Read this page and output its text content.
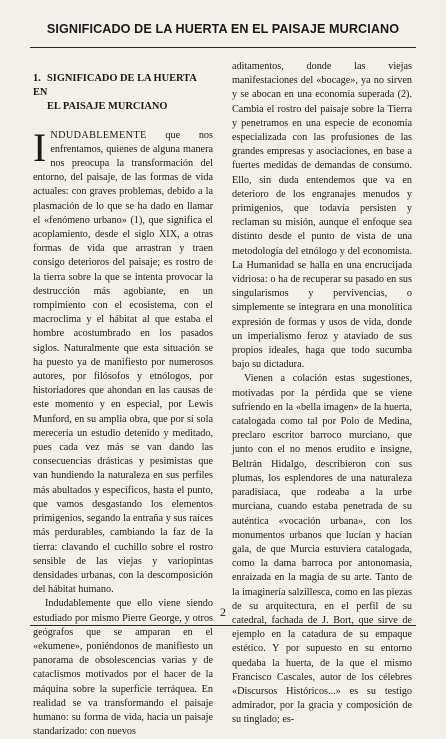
SIGNIFICADO DE LA HUERTA EN EL PAISAJE MURCIANO
1. SIGNIFICADO DE LA HUERTA EN
EL PAISAJE MURCIANO

INDUDABLEMENTE que nos enfrentamos, quienes de alguna manera nos preocupa la transformación del entorno, del paisaje, de las formas de vida actuales: con graves problemas, debido a la plasmación de lo que se ha dado en llamar el «fenómeno urbano» (1), que significa el acoplamiento, desde el siglo XIX, a otras formas de vida que arrastran y traen consigo deterioros del paisaje; es rostro de la tierra sobre la que se intenta provocar la destrucción más agobiante, en un rompimiento con el ecosistema, con el macroclima y el hábitat al que estaba el hombre acostumbrado en los pasados siglos. Naturalmente que esta situación se ha puesto ya de manifiesto por numerosos autores, por filósofos y etnólogos, por historiadores que ahondan en las causas de este momento y en especial, por Lewis Munford, en su amplia obra, que por sí sola merecería un estudio detenido y meditado, pues cada vez más se van dando las consecuencias drásticas y pesimistas que van hundiendo la naturaleza en sus perfiles más abultados y específicos, hasta el punto, que vamos desgastando los elementos primigenios, segando la entraña y sus raíces más perdurables, cambiando la faz de la tierra: clavando el cuchillo sobre el rostro sensible de las viejas y variopintas densidades urbanas, con la descomposición del hábitat humano.

Indudablemente que ello viene siendo estudiado por mismo Pierre George, y otros geógrafos que se amparan en el «ekumene», poniéndonos de manifiesto un panorama de obsolescencias varias y de cataclismos motivados por el hacer de la máquina sobre la superficie terráquea. En realidad se va transformando el paisaje humano: su forma de vida, hacia un paisaje standarizado: con nuevos

aditamentos, donde las viejas manifestaciones del «bocage», ya no sirven y se abocan en una economía superada (2). Cambia el rostro del paisaje sobre la Tierra y penetramos en una especie de economía especializada con las profusiones de las grandes empresas y asociaciones, en base a fuertes medidas de demandas de consumo. Ello, sin duda entendemos que va en deterioro de los engranajes menudos y primigenios, que todavía persisten y reclaman su misión, aunque el enfoque sea distinto desde el punto de vista de una metodología del etnólogo y del economista. La Humanidad se halla en una encrucijada vidriosa: o ha de recuperar su pasado en sus singularismos y pervivencias, o simplemente se integrara en una monolítica expresión de formas y usos de vida, donde un imperialismo feroz y ataviado de sus propios ideales, haga que todo sucumba bajo su dictadura.

Vienen a colación estas sugestiones, motivadas por la pérdida que se viene sufriendo en la «bella imagen» de la huerta, catalogada como tal por Polo de Medina, preclaro escritor barroco murciano, que junto con el no menos erudito e insigne, Beltrán Hidalgo, describieron con sus plumas, los esplendores de una naturaleza paradisíaca, que rodeaba a la urbe murciana, cuando estaba penetrada de su auténtica «vocación urbana», con los monumentos urbanos que lucían y hacían gala, de que Murcia estuviera catalogada, como la dama barroca por antonomasia, enraizada en la magia de su arte. Tanto de la imaginería salzillesca, como en las piezas de su arquitectura, en el perfil de su catedral, fachada de J. Bort, que sirve de ejemplo en la catadura de su empaque estético. Y por supuesto en su entorno quedaba la huerta, de la que el mismo Francisco Cascales, autor de los célebres «Discursos Históricos...» es su testigo admirador, por la gracia y composición de su tinglado; es-

2
